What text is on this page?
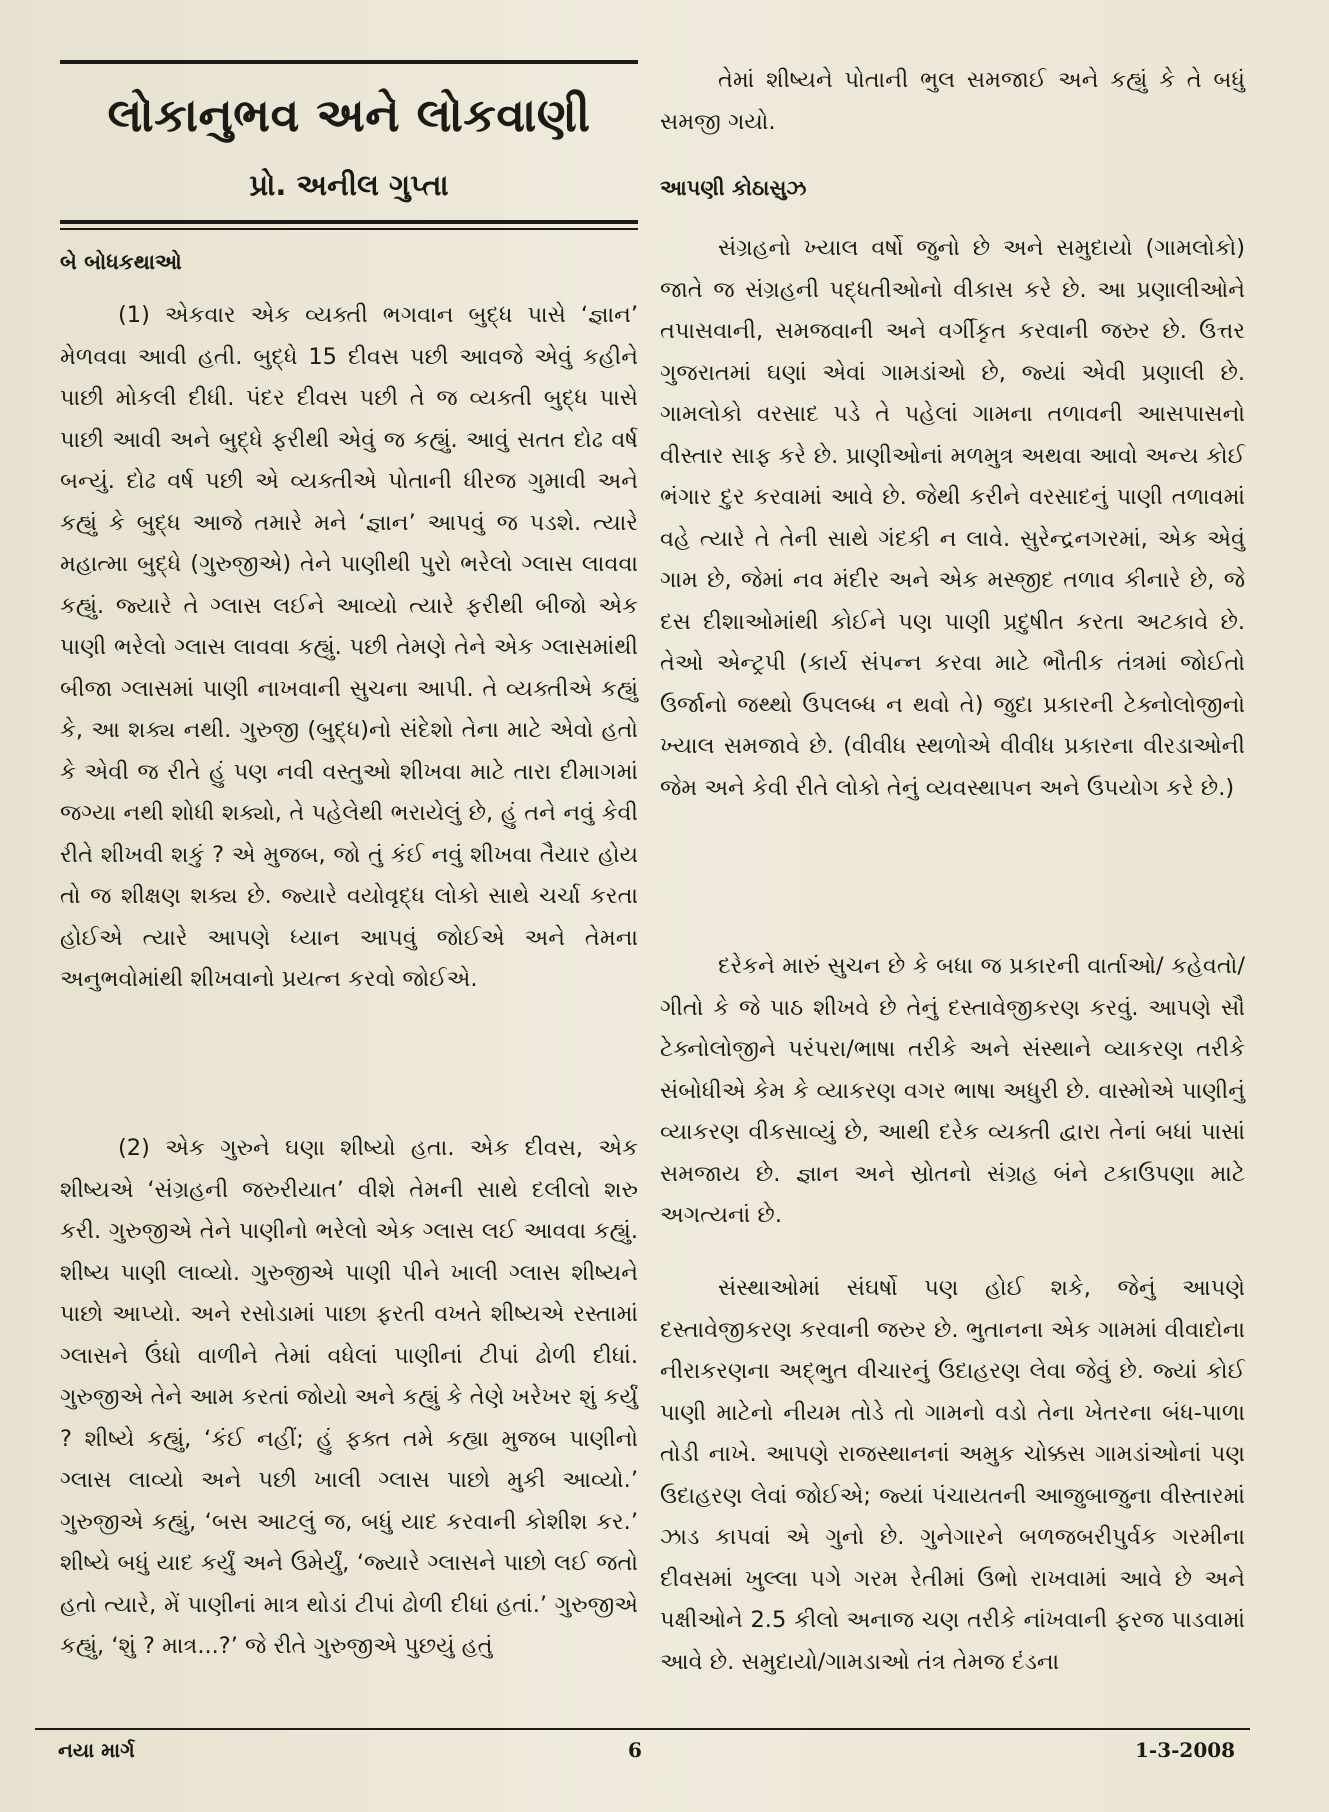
લોકાનુભવ અને લોકવાણી
પ્રો. અનીલ ગુપ્તા
બે બોધકથાઓ
(1) એકવાર એક વ્યક્તી ભગવાન બુદ્ધ પાસે ‘જ્ઞાન’ મેળવવા આવી હતી. બુદ્ધે 15 દીવસ પછી આવજે એવું કહીને પાછી મોકલી દીધી. પંદર દીવસ પછી તે જ વ્યક્તી બુદ્ધ પાસે પાછી આવી અને બુદ્ધે ફરીથી એવું જ કહ્યું. આવું સતત દોઢ વર્ષ બન્યું. દોઢ વર્ષ પછી એ વ્યક્તીએ પોતાની ધીરજ ગુમાવી અને કહ્યું કે બુદ્ધ આજે તમારે મને ‘જ્ઞાન’ આપવું જ પડશે. ત્યારે મહાત્મા બુદ્ધે (ગુરુજીએ) તેને પાણીથી પુરો ભરેલો ગ્લાસ લાવવા કહ્યું. જ્યારે તે ગ્લાસ લઈને આવ્યો ત્યારે ફરીથી બીજો એક પાણી ભરેલો ગ્લાસ લાવવા કહ્યું. પછી તેમણે તેને એક ગ્લાસમાંથી બીજા ગ્લાસમાં પાણી નાખવાની સુચના આપી. તે વ્યક્તીએ કહ્યું કે, આ શક્ય નથી. ગુરુજી (બુદ્ધ)નો સંદેશો તેના માટે એવો હતો કે એવી જ રીતે હું પણ નવી વસ્તુઓ શીખવા માટે તારા દીમાગમાં જગ્યા નથી શોધી શક્યો, તે પહેલેથી ભરાયેલું છે, હું તને નવું કેવી રીતે શીખવી શકું ? એ મુજબ, જો તું કંઈ નવું શીખવા તૈયાર હોય તો જ શીક્ષણ શક્ય છે. જ્યારે વયોવૃદ્ધ લોકો સાથે ચર્ચા કરતા હોઈએ ત્યારે આપણે ધ્યાન આપવું જોઈએ અને તેમના અનુભવોમાંથી શીખવાનો પ્રયત્ન કરવો જોઈએ.
(2) એક ગુરુને ઘણા શીષ્યો હતા. એક દીવસ, એક શીષ્યએ ‘સંગ્રહની જરુરીયાત’ વીશે તેમની સાથે દલીલો શરુ કરી. ગુરુજીએ તેને પાણીનો ભરેલો એક ગ્લાસ લઈ આવવા કહ્યું. શીષ્ય પાણી લાવ્યો. ગુરુજીએ પાણી પીને ખાલી ગ્લાસ શીષ્યને પાછો આપ્યો. અને રસોડામાં પાછા ફરતી વખતે શીષ્યએ રસ્તામાં ગ્લાસને ઉંધો વાળીને તેમાં વધેલાં પાણીનાં ટીપાં ઢોળી દીધાં. ગુરુજીએ તેને આમ કરતાં જોયો અને કહ્યું કે તેણે ખરેખર શું કર્યું ? શીષ્યે કહ્યું, ‘કંઈ નહીં; હું ફક્ત તમે કહ્યા મુજબ પાણીનો ગ્લાસ લાવ્યો અને પછી ખાલી ગ્લાસ પાછો મુકી આવ્યો.’ ગુરુજીએ કહ્યું, ‘બસ આટલું જ, બધું યાદ કરવાની કોશીશ કર.’ શીષ્યે બધું યાદ કર્યું અને ઉમેર્યું, ‘જ્યારે ગ્લાસને પાછો લઈ જતો હતો ત્યારે, મેં પાણીનાં માત્ર થોડાં ટીપાં ઢોળી દીધાં હતાં.’ ગુરુજીએ કહ્યું, ‘શું ? માત્ર...?’ જે રીતે ગુરુજીએ પુછયું હતું
તેમાં શીષ્યને પોતાની ભુલ સમજાઈ અને કહ્યું કે તે બધું સમજી ગયો.
આપણી કોઠાસુઝ
સંગ્રહનો ખ્યાલ વર્ષો જુનો છે અને સમુદાયો (ગામલોકો) જાતે જ સંગ્રહની પદ્ધતીઓનો વીકાસ કરે છે. આ પ્રણાલીઓને તપાસવાની, સમજવાની અને વર્ગીકૃત કરવાની જરુર છે. ઉત્તર ગુજરાતમાં ઘણાં એવાં ગામડાંઓ છે, જ્યાં એવી પ્રણાલી છે. ગામલોકો વરસાદ પડે તે પહેલાં ગામના તળાવની આસપાસનો વીસ્તાર સાફ કરે છે. પ્રાણીઓનાં મળમુત્ર અથવા આવો અન્ય કોઈ ભંગાર દુર કરવામાં આવે છે. જેથી કરીને વરસાદનું પાણી તળાવમાં વહે ત્યારે તે તેની સાથે ગંદકી ન લાવે. સુરેન્દ્રનગરમાં, એક એવું ગામ છે, જેમાં નવ મંદીર અને એક મસ્જીદ તળાવ કીનારે છે, જે દસ દીશાઓમાંથી કોઈને પણ પાણી પ્રદુષીત કરતા અટકાવે છે. તેઓ એન્ટ્રપી (કાર્ય સંપન્ન કરવા માટે ભૌતીક તંત્રમાં જોઈતો ઉર્જાનો જથ્થો ઉપલબ્ધ ન થવો તે) જુદા પ્રકારની ટેક્નોલોજીનો ખ્યાલ સમજાવે છે. (વીવીધ સ્થળોએ વીવીધ પ્રકારના વીરડાઓની જેમ અને કેવી રીતે લોકો તેનું વ્યવસ્થાપન અને ઉપયોગ કરે છે.)
દરેકને મારું સુચન છે કે બધા જ પ્રકારની વાર્તાઓ/ કહેવતો/ ગીતો કે જે પાઠ શીખવે છે તેનું દસ્તાવેજીકરણ કરવું. આપણે સૌ ટેક્નોલોજીને પરંપરા/ભાષા તરીકે અને સંસ્થાને વ્યાકરણ તરીકે સંબોધીએ કેમ કે વ્યાકરણ વગર ભાષા અધુરી છે. વાસ્મોએ પાણીનું વ્યાકરણ વીકસાવ્યું છે, આથી દરેક વ્યક્તી દ્વારા તેનાં બધાં પાસાં સમજાય છે. જ્ઞાન અને સ્રોતનો સંગ્રહ બંને ટકાઉપણા માટે અગત્યનાં છે.
સંસ્થાઓમાં સંઘર્ષો પણ હોઈ શકે, જેનું આપણે દસ્તાવેજીકરણ કરવાની જરુર છે. ભુતાનના એક ગામમાં વીવાદોના નીરાકરણના અદ્ભુત વીચારનું ઉદાહરણ લેવા જેવું છે. જ્યાં કોઈ પાણી માટેનો નીયમ તોડે તો ગામનો વડો તેના ખેતરના બંધ-પાળા તોડી નાખે. આપણે રાજસ્થાનનાં અમુક ચોક્કસ ગામડાંઓનાં પણ ઉદાહરણ લેવાં જોઈએ; જ્યાં પંચાયતની આજુબાજુના વીસ્તારમાં ઝાડ કાપવાં એ ગુનો છે. ગુનેગારને બળજબરીપુર્વક ગરમીના દીવસમાં ખુલ્લા પગે ગરમ રેતીમાં ઉભો રાખવામાં આવે છે અને પક્ષીઓને 2.5 કીલો અનાજ ચણ તરીકે નાંખવાની ફરજ પાડવામાં આવે છે. સમુદાયો/ગામડાઓ તંત્ર તેમજ દંડના
નયા માર્ગ	6	1-3-2008
